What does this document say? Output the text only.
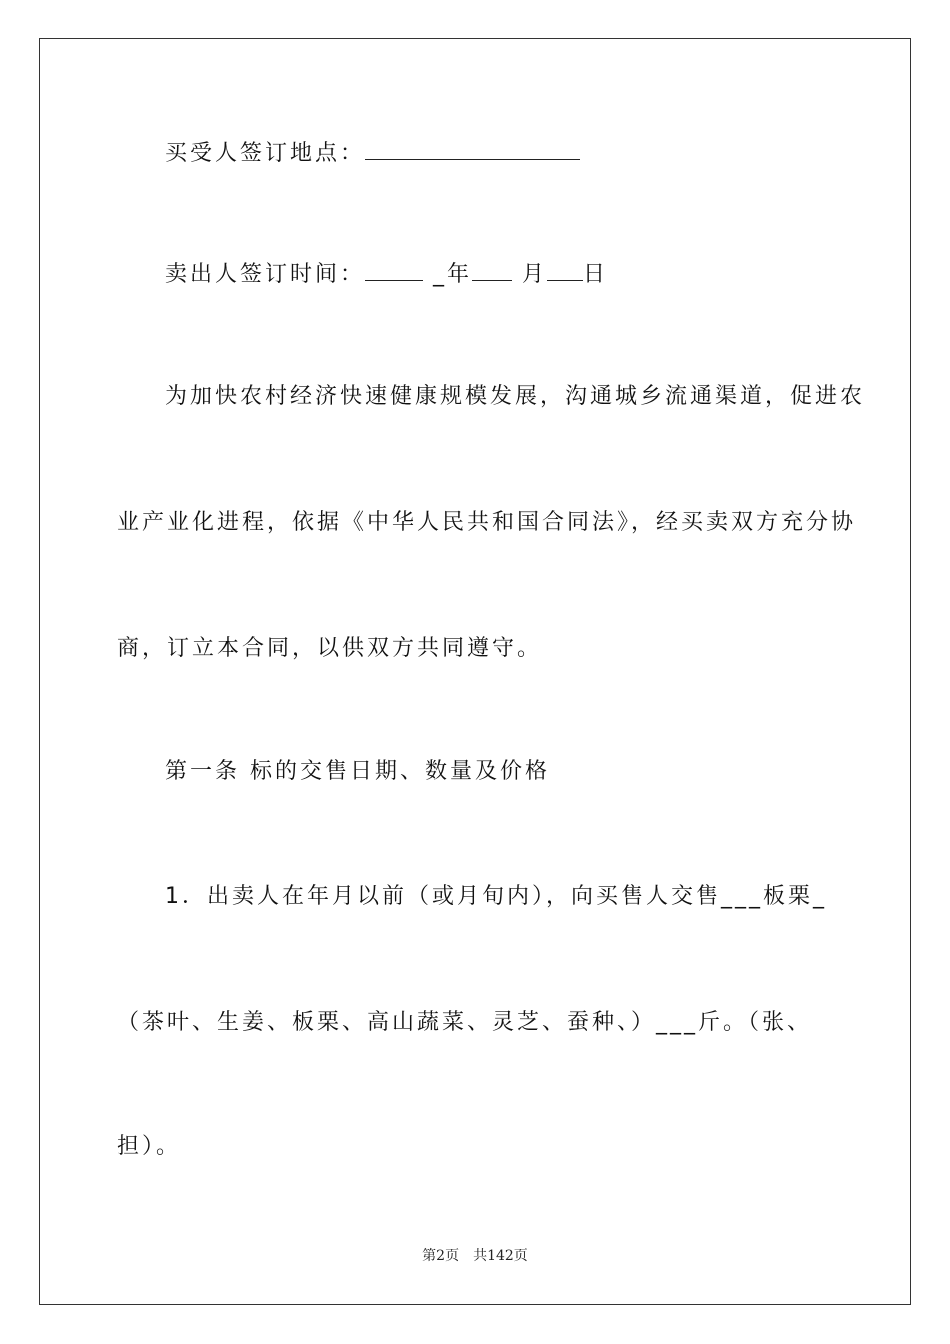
买受人签订地点：
卖出人签订时间：	_年 月 日
为加快农村经济快速健康规模发展，沟通城乡流通渠道，促进农
业产业化进程，依据《中华人民共和国合同法》，经买卖双方充分协
商，订立本合同，以供双方共同遵守。
第一条 标的交售日期、数量及价格
1．出卖人在年月以前（或月旬内），向买售人交售___板栗_
（茶叶、生姜、板栗、高山蔬菜、灵芝、蚕种、）___斤。（张、
担）。
第2页　共142页
